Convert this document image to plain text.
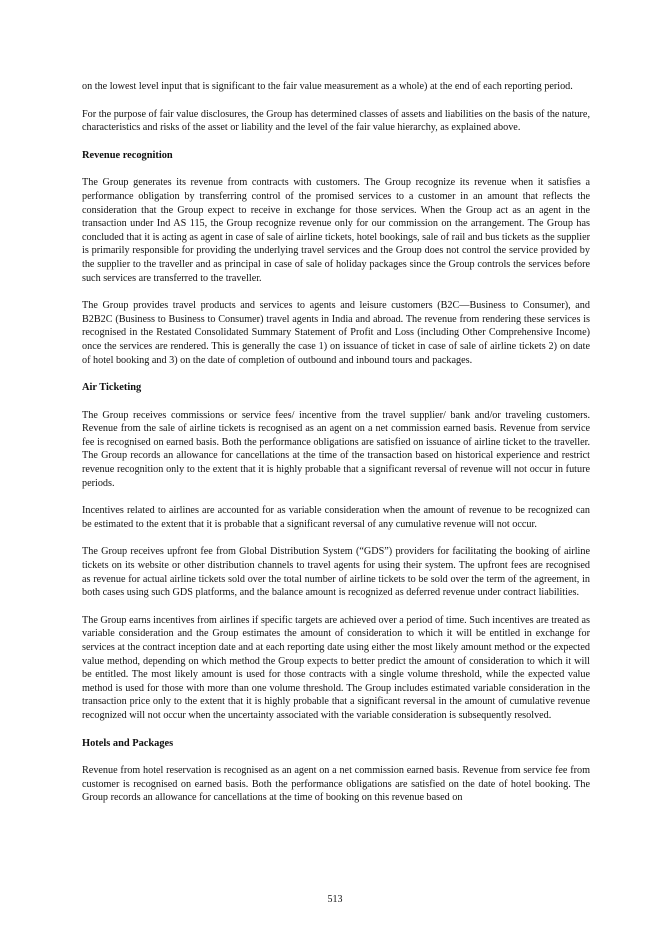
on the lowest level input that is significant to the fair value measurement as a whole) at the end of each reporting period.

For the purpose of fair value disclosures, the Group has determined classes of assets and liabilities on the basis of the nature, characteristics and risks of the asset or liability and the level of the fair value hierarchy, as explained above.

Revenue recognition

The Group generates its revenue from contracts with customers. The Group recognize its revenue when it satisfies a performance obligation by transferring control of the promised services to a customer in an amount that reflects the consideration that the Group expect to receive in exchange for those services. When the Group act as an agent in the transaction under Ind AS 115, the Group recognize revenue only for our commission on the arrangement. The Group has concluded that it is acting as agent in case of sale of airline tickets, hotel bookings, sale of rail and bus tickets as the supplier is primarily responsible for providing the underlying travel services and the Group does not control the service provided by the supplier to the traveller and as principal in case of sale of holiday packages since the Group controls the services before such services are transferred to the traveller.

The Group provides travel products and services to agents and leisure customers (B2C—Business to Consumer), and B2B2C (Business to Business to Consumer) travel agents in India and abroad. The revenue from rendering these services is recognised in the Restated Consolidated Summary Statement of Profit and Loss (including Other Comprehensive Income) once the services are rendered. This is generally the case 1) on issuance of ticket in case of sale of airline tickets 2) on date of hotel booking and 3) on the date of completion of outbound and inbound tours and packages.

Air Ticketing

The Group receives commissions or service fees/ incentive from the travel supplier/ bank and/or traveling customers. Revenue from the sale of airline tickets is recognised as an agent on a net commission earned basis. Revenue from service fee is recognised on earned basis. Both the performance obligations are satisfied on issuance of airline ticket to the traveller. The Group records an allowance for cancellations at the time of the transaction based on historical experience and restrict revenue recognition only to the extent that it is highly probable that a significant reversal of revenue will not occur in future periods.

Incentives related to airlines are accounted for as variable consideration when the amount of revenue to be recognized can be estimated to the extent that it is probable that a significant reversal of any cumulative revenue will not occur.

The Group receives upfront fee from Global Distribution System (“GDS”) providers for facilitating the booking of airline tickets on its website or other distribution channels to travel agents for using their system. The upfront fees are recognised as revenue for actual airline tickets sold over the total number of airline tickets to be sold over the term of the agreement, in both cases using such GDS platforms, and the balance amount is recognized as deferred revenue under contract liabilities.

The Group earns incentives from airlines if specific targets are achieved over a period of time. Such incentives are treated as variable consideration and the Group estimates the amount of consideration to which it will be entitled in exchange for services at the contract inception date and at each reporting date using either the most likely amount method or the expected value method, depending on which method the Group expects to better predict the amount of consideration to which it will be entitled. The most likely amount is used for those contracts with a single volume threshold, while the expected value method is used for those with more than one volume threshold. The Group includes estimated variable consideration in the transaction price only to the extent that it is highly probable that a significant reversal in the amount of cumulative revenue recognized will not occur when the uncertainty associated with the variable consideration is subsequently resolved.

Hotels and Packages

Revenue from hotel reservation is recognised as an agent on a net commission earned basis. Revenue from service fee from customer is recognised on earned basis. Both the performance obligations are satisfied on the date of hotel booking. The Group records an allowance for cancellations at the time of booking on this revenue based on

513
